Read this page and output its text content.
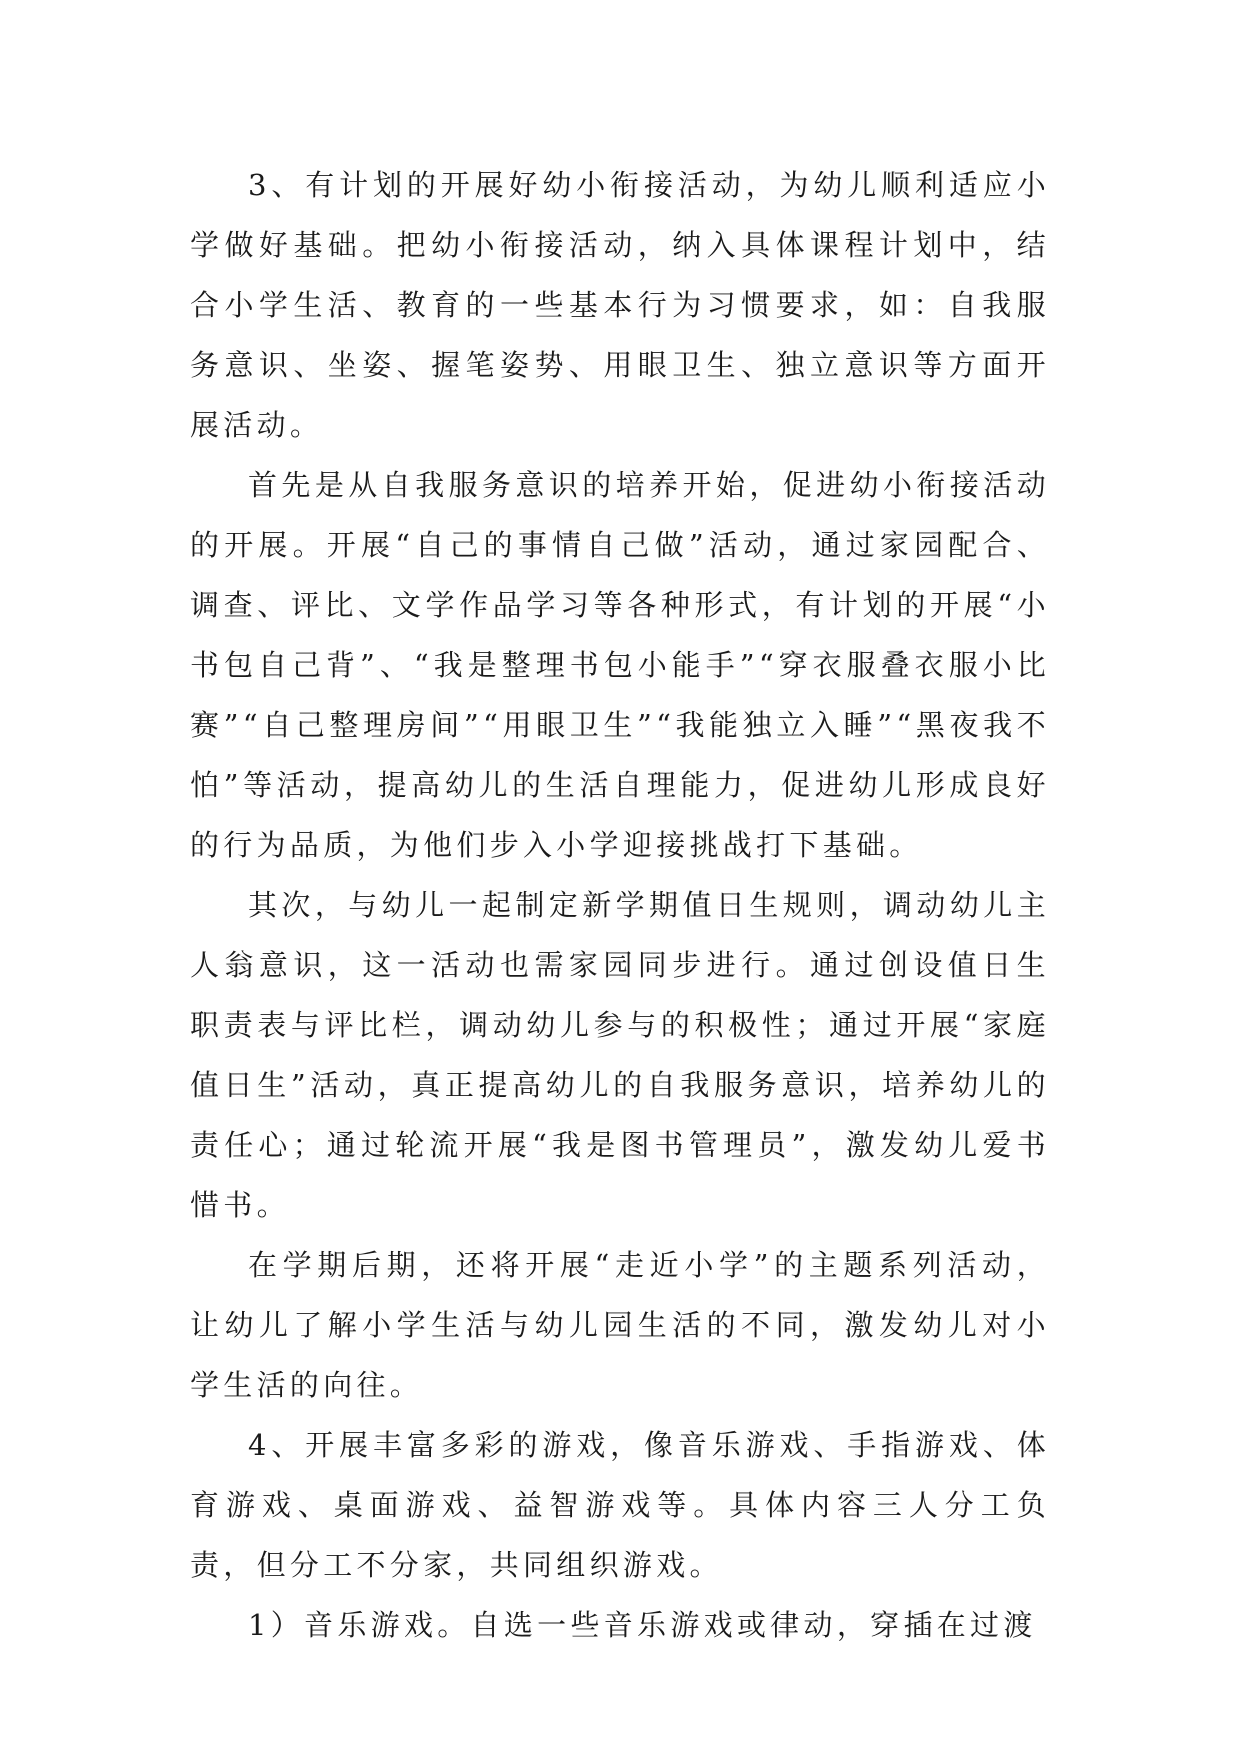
3、有计划的开展好幼小衔接活动，为幼儿顺利适应小学做好基础。把幼小衔接活动，纳入具体课程计划中，结合小学生活、教育的一些基本行为习惯要求，如：自我服务意识、坐姿、握笔姿势、用眼卫生、独立意识等方面开展活动。

首先是从自我服务意识的培养开始，促进幼小衔接活动的开展。开展“自己的事情自己做”活动，通过家园配合、调查、评比、文学作品学习等各种形式，有计划的开展“小书包自己背”、“我是整理书包小能手”“穿衣服叠衣服小比赛”“自己整理房间”“用眼卫生”“我能独立入睡”“黑夜我不怕”等活动，提高幼儿的生活自理能力，促进幼儿形成良好的行为品质，为他们步入小学迎接挑战打下基础。

其次，与幼儿一起制定新学期值日生规则，调动幼儿主人翁意识，这一活动也需家园同步进行。通过创设值日生职责表与评比栏，调动幼儿参与的积极性；通过开展“家庭值日生”活动，真正提高幼儿的自我服务意识，培养幼儿的责任心；通过轮流开展“我是图书管理员”，激发幼儿爱书惜书。

在学期后期，还将开展“走近小学”的主题系列活动，让幼儿了解小学生活与幼儿园生活的不同，激发幼儿对小学生活的向往。

4、开展丰富多彩的游戏，像音乐游戏、手指游戏、体育游戏、桌面游戏、益智游戏等。具体内容三人分工负责，但分工不分家，共同组织游戏。

1）音乐游戏。自选一些音乐游戏或律动，穿插在过渡
